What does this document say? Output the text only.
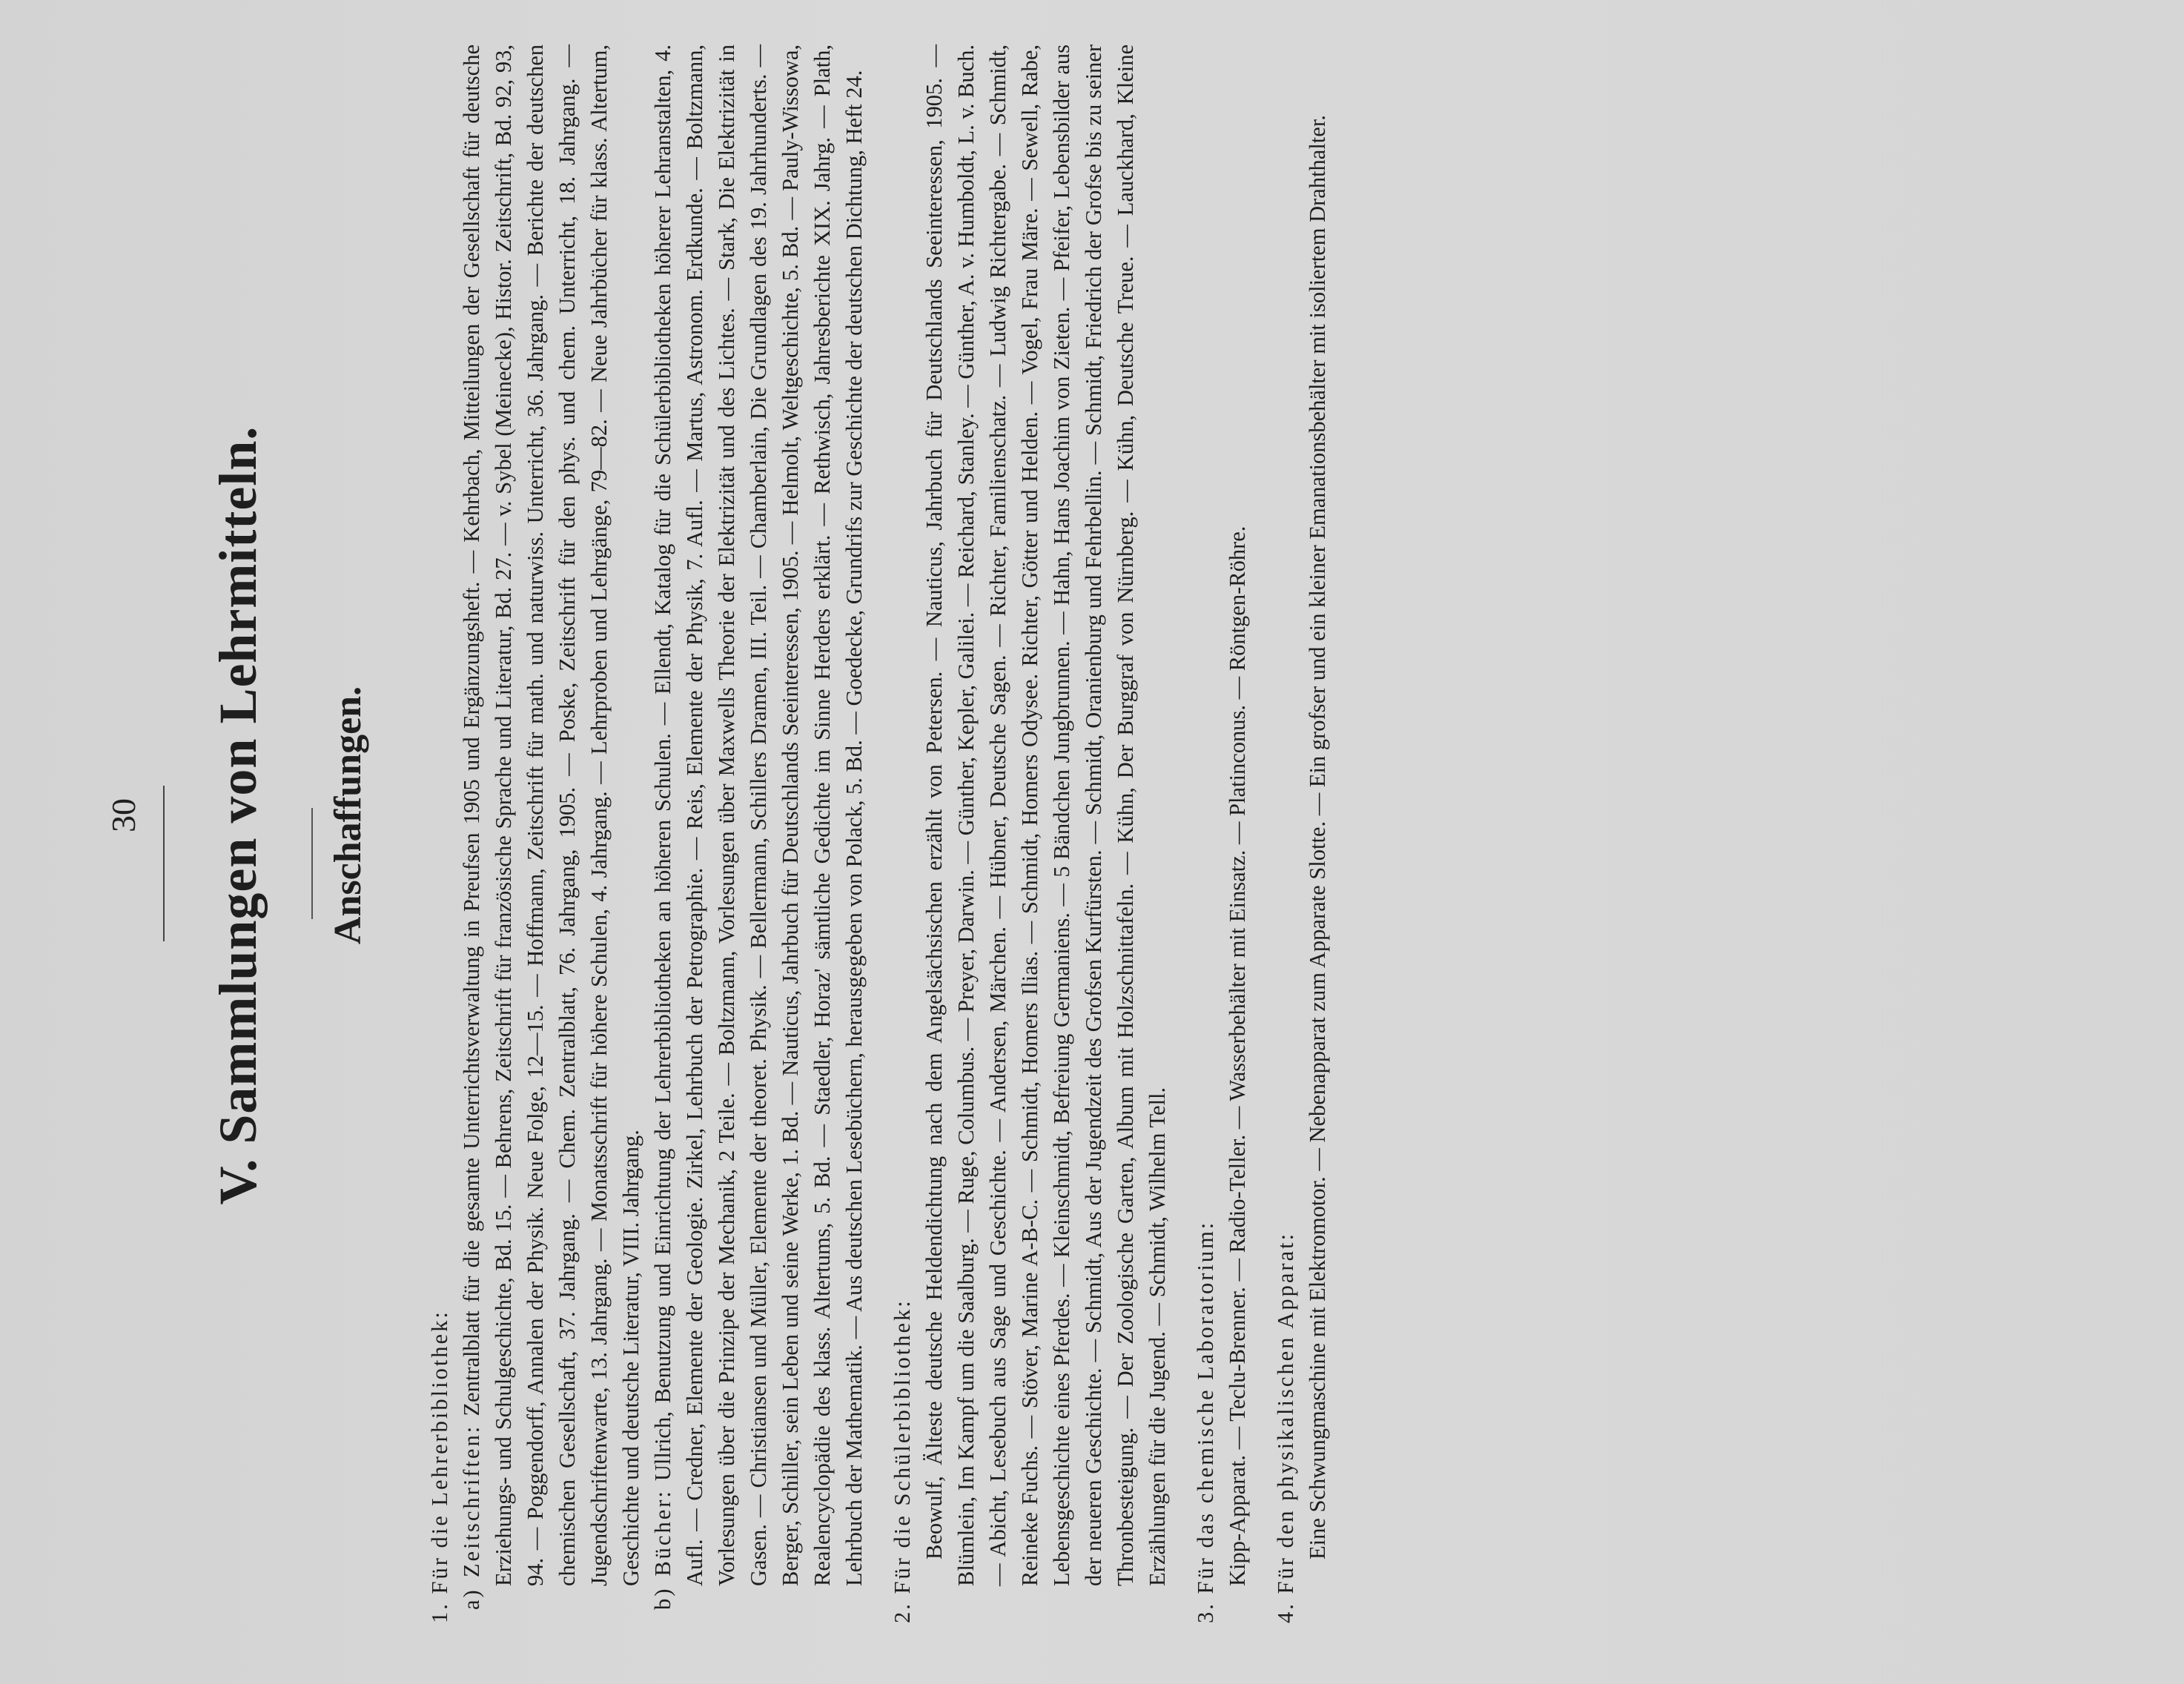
30 V. Sammlungen von Lehrmitteln. Anschaffungen.
1. Für die Lehrerbibliothek: a) Zeitschriften: Zentralblatt für die gesamte Unterrichtsverwaltung in Preufsen 1905 und Ergänzungsheft. — Kehrbach, Mitteilungen der Gesellschaft für deutsche Erziehungs- und Schulgeschichte, Bd. 15. — Behrens, Zeitschrift für französische Sprache und Literatur, Bd. 27. — v. Sybel (Meinecke), Histor. Zeitschrift, Bd. 92, 93, 94. — Poggendorff, Annalen der Physik. Neue Folge, 12—15. — Hoffmann, Zeitschrift für math. und naturwiss. Unterricht, 36. Jahrgang. — Berichte der deutschen chemischen Gesellschaft, 37. Jahrgang. — Chem. Zentralblatt, 76. Jahrgang, 1905. — Poske, Zeitschrift für den phys. und chem. Unterricht, 18. Jahrgang. — Jugendschriftenwarte, 13. Jahrgang. — Monatsschrift für höhere Schulen, 4. Jahrgang. — Lehrproben und Lehrgänge, 79—82. — Neue Jahrbücher für klass. Altertum, Geschichte und deutsche Literatur, VIII. Jahrgang. b) Bücher: Ullrich, Benutzung und Einrichtung der Lehrerbibliotheken an höheren Schulen. — Ellendt, Katalog für die Schülerbibliotheken höherer Lehranstalten, 4. Aufl. — Credner, Elemente der Geologie. Zirkel, Lehrbuch der Petrographie. — Reis, Elemente der Physik, 7. Aufl. — Martus, Astronom. Erdkunde. — Boltzmann, Vorlesungen über die Prinzipe der Mechanik, 2 Teile. — Boltzmann, Vorlesungen über Maxwells Theorie der Elektrizität und des Lichtes. — Stark, Die Elektrizität in Gasen. — Christiansen und Müller, Elemente der theoret. Physik. — Bellermann, Schillers Dramen, III. Teil. — Chamberlain, Die Grundlagen des 19. Jahrhunderts. — Berger, Schiller, sein Leben und seine Werke, 1. Bd. — Nauticus, Jahrbuch für Deutschlands Seeinteressen, 1905. — Helmolt, Weltgeschichte, 5. Bd. — Pauly-Wissowa, Realencyclopädie des klass. Altertums, 5. Bd. — Staedler, Horaz' sämtliche Gedichte im Sinne Herders erklärt. — Rethwisch, Jahresberichte XIX. Jahrg. — Plath, Lehrbuch der Mathematik. — Aus deutschen Lesebüchern, herausgegeben von Polack, 5. Bd. — Goedecke, Grundrifs zur Geschichte der deutschen Dichtung, Heft 24. 2. Für die Schülerbibliothek: Beowulf, Älteste deutsche Heldendichtung nach dem Angelsächsischen erzählt von Petersen. — Nauticus, Jahrbuch für Deutschlands Seeinteressen, 1905. — Blümlein, Im Kampf um die Saalburg. — Ruge, Columbus. — Preyer, Darwin. — Günther, Kepler, Galilei. — Reichard, Stanley. — Günther, A. v. Humboldt, L. v. Buch. — Abicht, Lesebuch aus Sage und Geschichte. — Andersen, Märchen. — Hübner, Deutsche Sagen. — Richter, Familienschatz. — Ludwig Richtergabe. — Schmidt, Reineke Fuchs. — Stöver, Marine A-B-C. — Schmidt, Homers Ilias. — Schmidt, Homers Odysee. Richter, Götter und Helden. — Vogel, Frau Märe. — Sewell, Rabe, Lebensgeschichte eines Pferdes. — Kleinschmidt, Befreiung Germaniens. — 5 Bändchen Jungbrunnen. — Hahn, Hans Joachim von Zieten. — Pfeifer, Lebensbilder aus der neueren Geschichte. — Schmidt, Aus der Jugendzeit des Grofsen Kurfürsten. — Schmidt, Oranienburg und Fehrbellin. — Schmidt, Friedrich der Grofse bis zu seiner Thronbesteigung. — Der Zoologische Garten, Album mit Holzschnittafeln. — Kühn, Der Burggraf von Nürnberg. — Kühn, Deutsche Treue. — Lauckhard, Kleine Erzählungen für die Jugend. — Schmidt, Wilhelm Tell. 3. Für das chemische Laboratorium: Kipp-Apparat. — Teclu-Brenner. — Radio-Teller. — Wasserbehälter mit Einsatz. — Platinconus. — Röntgen-Röhre. 4. Für den physikalischen Apparat: Eine Schwungmaschine mit Elektromotor. — Nebenapparat zum Apparate Slotte. — Ein grofser und ein kleiner Emanationsbehälter mit isoliertem Drahthalter.
